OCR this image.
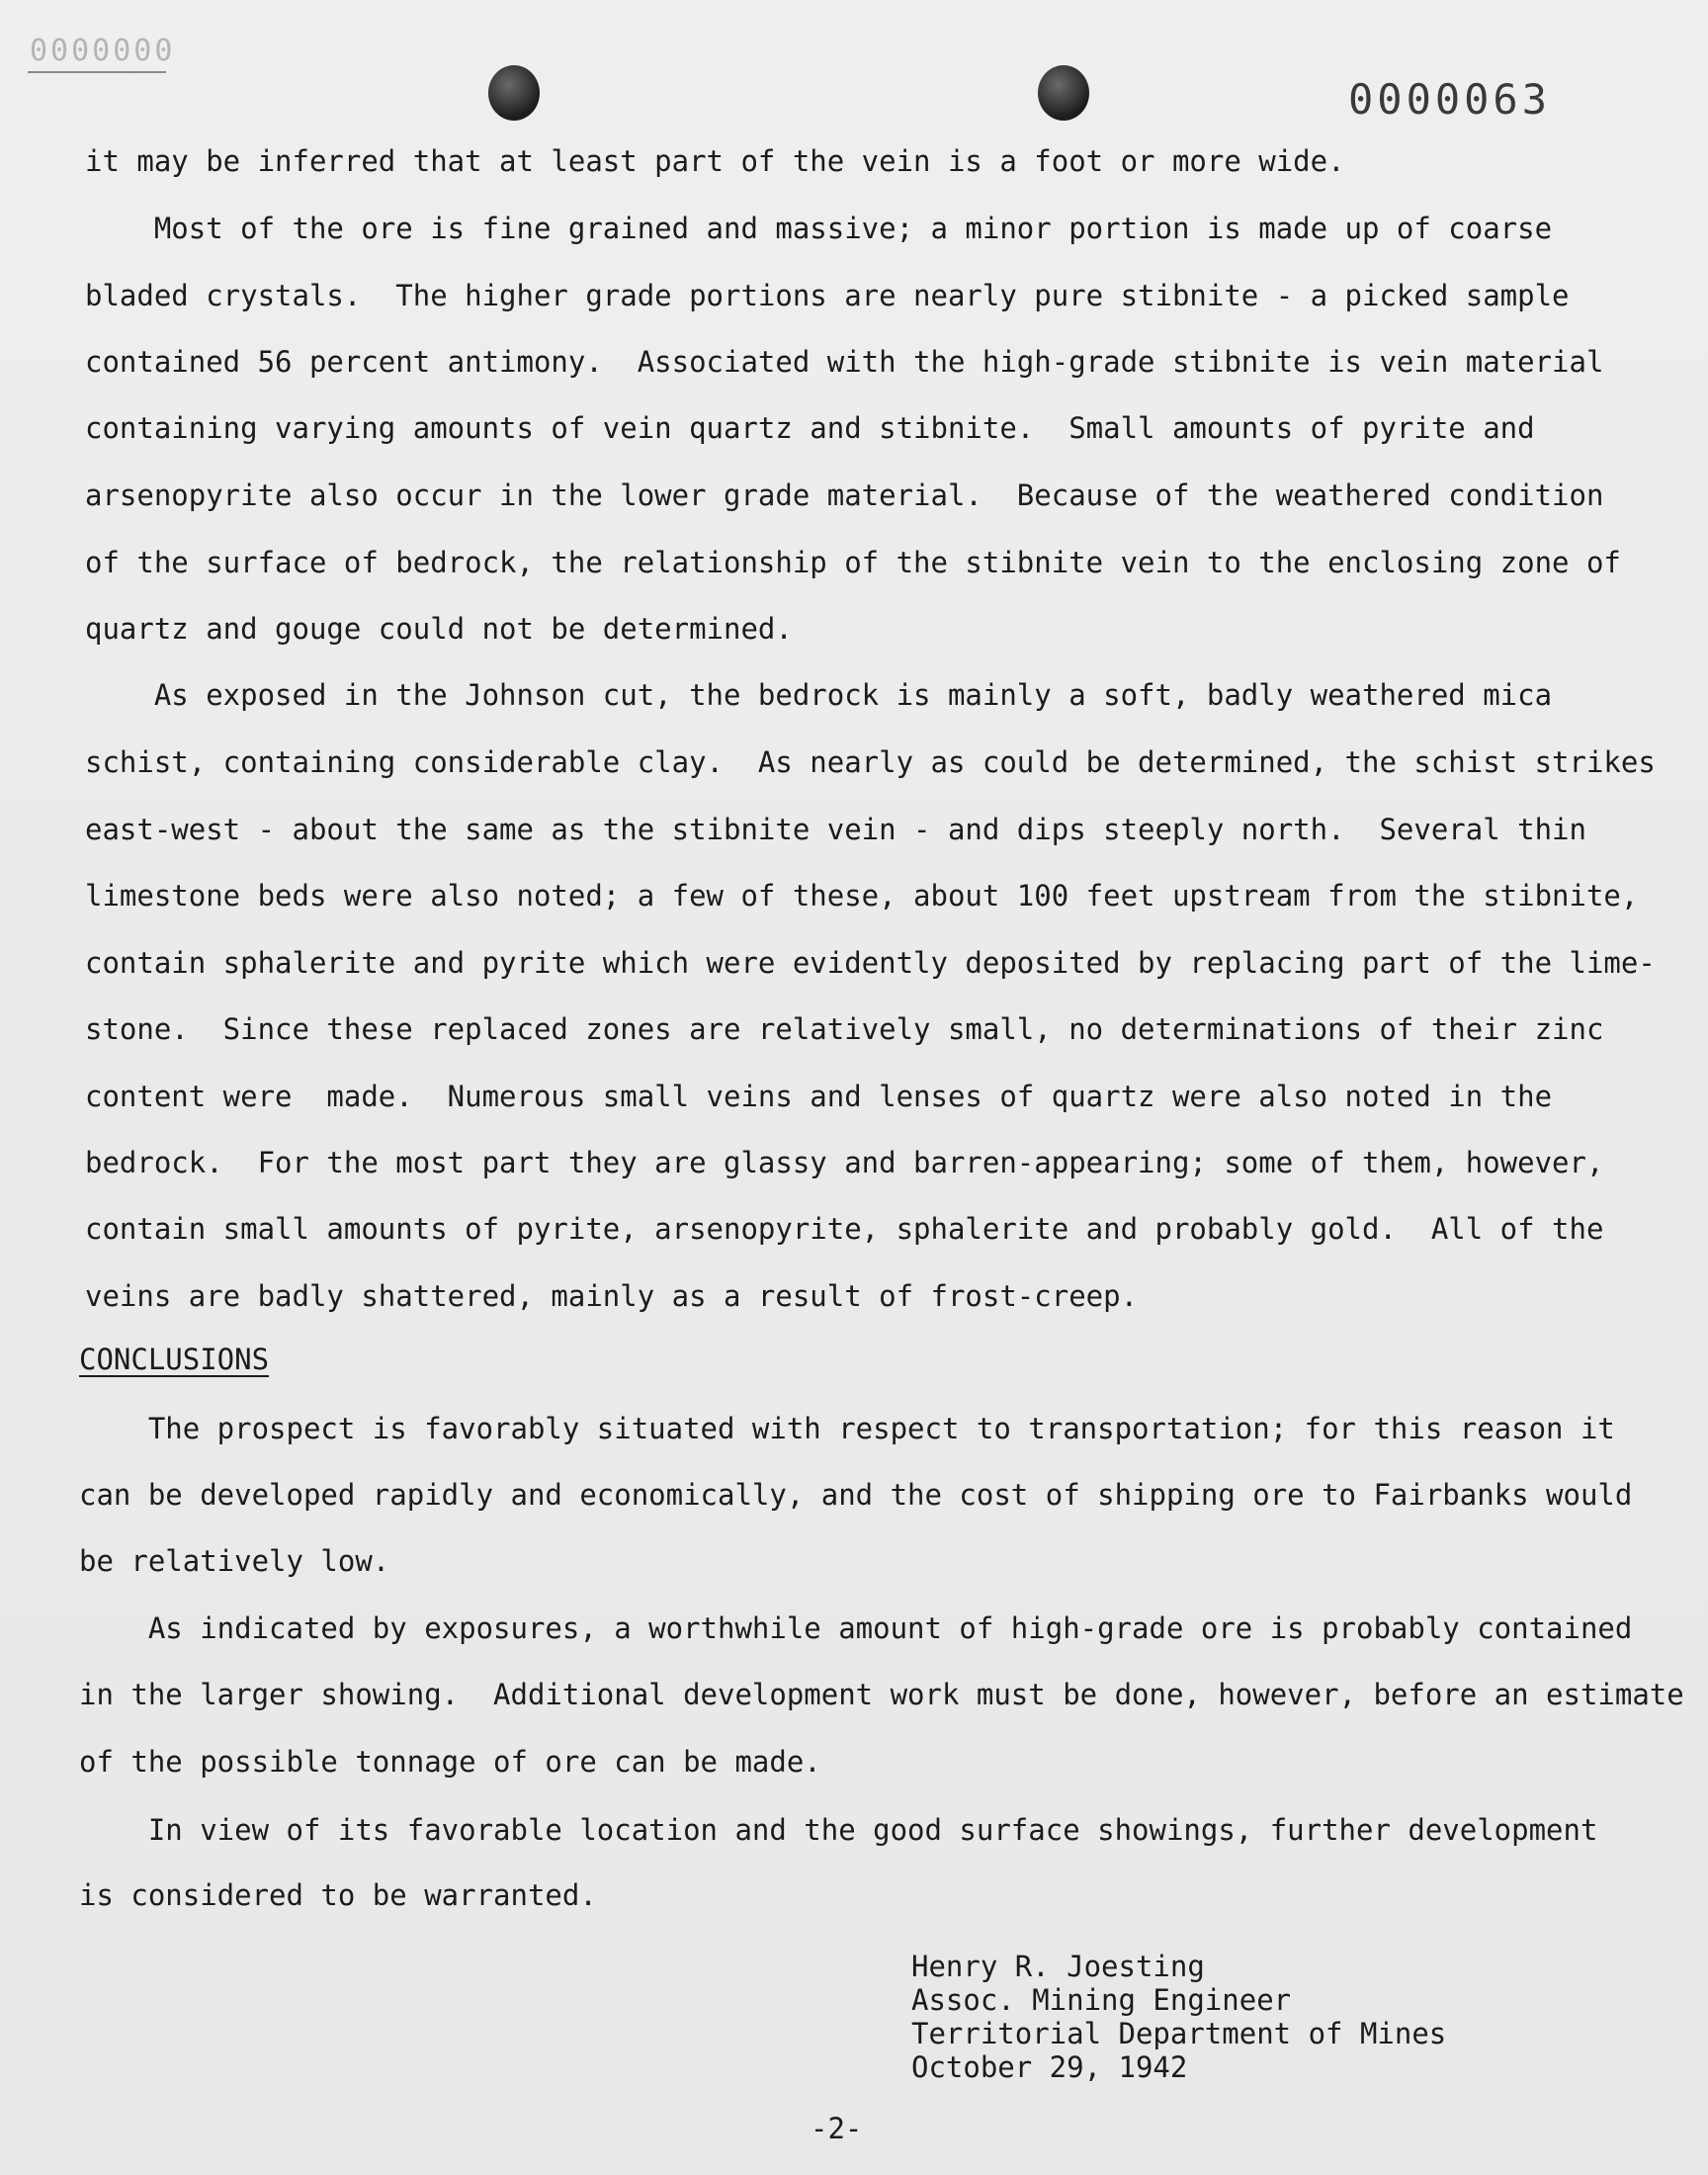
0000000
0000063
it may be inferred that at least part of the vein is a foot or more wide.
Most of the ore is fine grained and massive; a minor portion is made up of coarse
bladed crystals.  The higher grade portions are nearly pure stibnite - a picked sample
contained 56 percent antimony.  Associated with the high-grade stibnite is vein material
containing varying amounts of vein quartz and stibnite.  Small amounts of pyrite and
arsenopyrite also occur in the lower grade material.  Because of the weathered condition
of the surface of bedrock, the relationship of the stibnite vein to the enclosing zone of
quartz and gouge could not be determined.
As exposed in the Johnson cut, the bedrock is mainly a soft, badly weathered mica
schist, containing considerable clay.  As nearly as could be determined, the schist strikes
east-west - about the same as the stibnite vein - and dips steeply north.  Several thin
limestone beds were also noted; a few of these, about 100 feet upstream from the stibnite,
contain sphalerite and pyrite which were evidently deposited by replacing part of the lime-
stone.  Since these replaced zones are relatively small, no determinations of their zinc
content were  made.  Numerous small veins and lenses of quartz were also noted in the
bedrock.  For the most part they are glassy and barren-appearing; some of them, however,
contain small amounts of pyrite, arsenopyrite, sphalerite and probably gold.  All of the
veins are badly shattered, mainly as a result of frost-creep.
CONCLUSIONS
The prospect is favorably situated with respect to transportation; for this reason it
can be developed rapidly and economically, and the cost of shipping ore to Fairbanks would
be relatively low.
As indicated by exposures, a worthwhile amount of high-grade ore is probably contained
in the larger showing.  Additional development work must be done, however, before an estimate
of the possible tonnage of ore can be made.
In view of its favorable location and the good surface showings, further development
is considered to be warranted.
Henry R. Joesting
Assoc. Mining Engineer
Territorial Department of Mines
October 29, 1942
-2-
